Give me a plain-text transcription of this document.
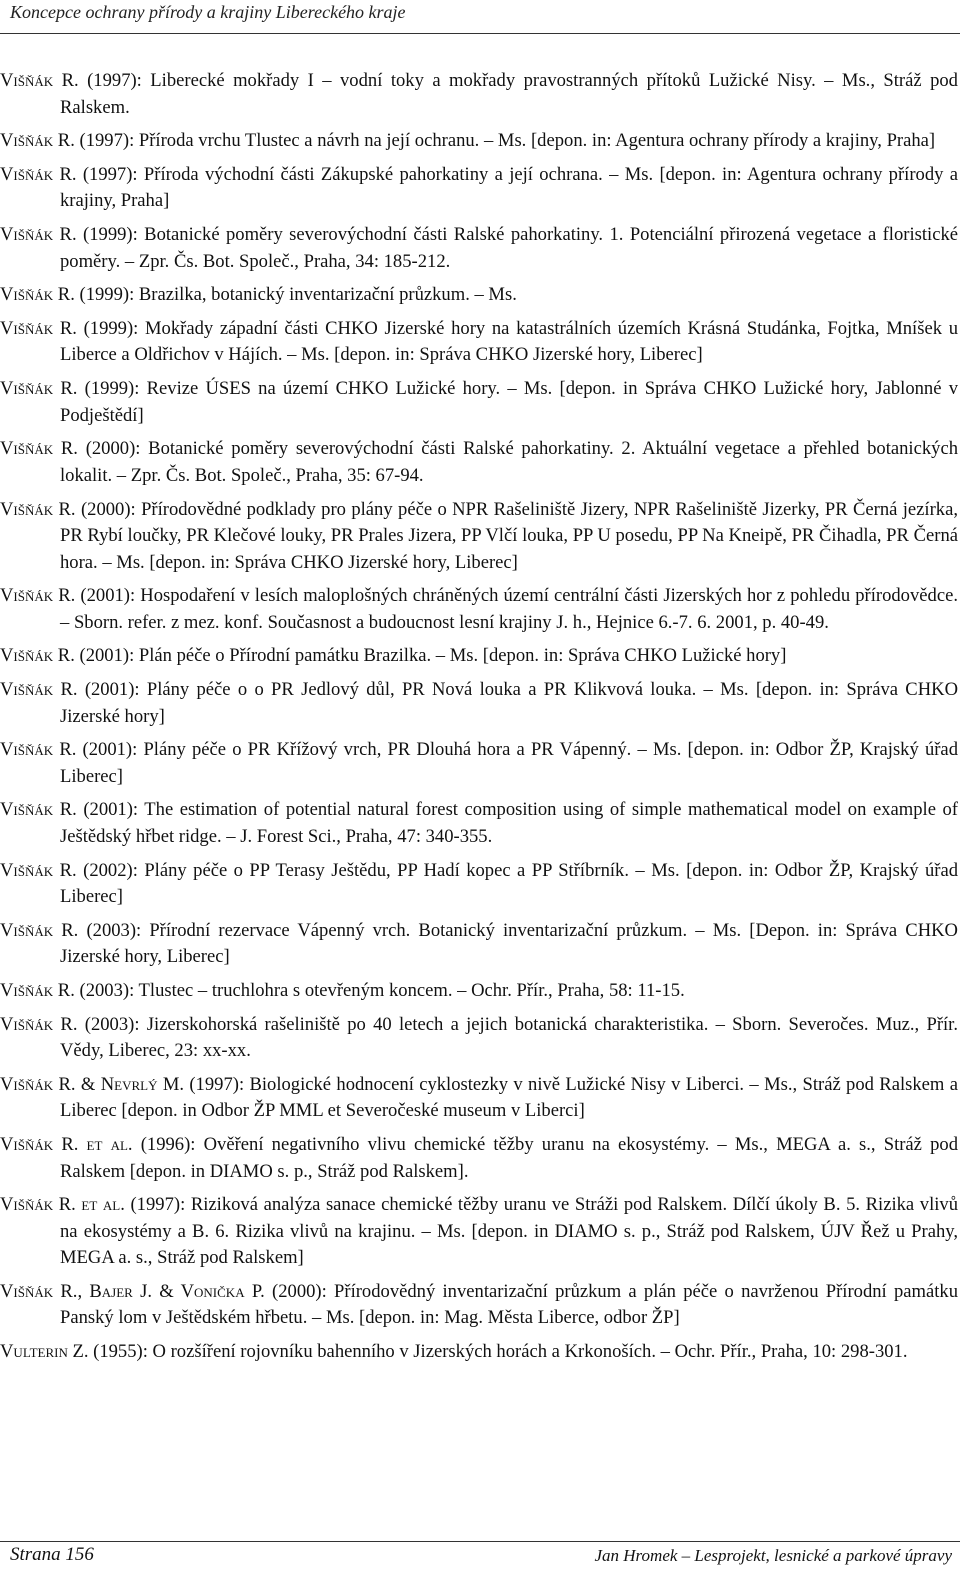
Koncepce ochrany přírody a krajiny Libereckého kraje

Višňák R. (1997): Liberecké mokřady I – vodní toky a mokřady pravostranných přítoků Lužické Nisy. – Ms., Stráž pod Ralskem.

Višňák R. (1997): Příroda vrchu Tlustec a návrh na její ochranu. – Ms. [depon. in: Agentura ochrany přírody a krajiny, Praha]

Višňák R. (1997): Příroda východní části Zákupské pahorkatiny a její ochrana. – Ms. [depon. in: Agentura ochrany přírody a krajiny, Praha]

Višňák R. (1999): Botanické poměry severovýchodní části Ralské pahorkatiny. 1. Potenciální přirozená vegetace a floristické poměry. – Zpr. Čs. Bot. Společ., Praha, 34: 185-212.

Višňák R. (1999): Brazilka, botanický inventarizační průzkum. – Ms.

Višňák R. (1999): Mokřady západní části CHKO Jizerské hory na katastrálních územích Krásná Studánka, Fojtka, Mníšek u Liberce a Oldřichov v Hájích. – Ms. [depon. in: Správa CHKO Jizerské hory, Liberec]

Višňák R. (1999): Revize ÚSES na území CHKO Lužické hory. – Ms. [depon. in Správa CHKO Lužické hory, Jablonné v Podještědí]

Višňák R. (2000): Botanické poměry severovýchodní části Ralské pahorkatiny. 2. Aktuální vegetace a přehled botanických lokalit. – Zpr. Čs. Bot. Společ., Praha, 35: 67-94.

Višňák R. (2000): Přírodovědné podklady pro plány péče o NPR Rašeliniště Jizery, NPR Rašeliniště Jizerky, PR Černá jezírka, PR Rybí loučky, PR Klečové louky, PR Prales Jizera, PP Vlčí louka, PP U posedu, PP Na Kneipě, PR Čihadla, PR Černá hora. – Ms. [depon. in: Správa CHKO Jizerské hory, Liberec]

Višňák R. (2001): Hospodaření v lesích maloplošných chráněných území centrální části Jizerských hor z pohledu přírodovědce. – Sborn. refer. z mez. konf. Současnost a budoucnost lesní krajiny J. h., Hejnice 6.-7. 6. 2001, p. 40-49.

Višňák R. (2001): Plán péče o Přírodní památku Brazilka. – Ms. [depon. in: Správa CHKO Lužické hory]

Višňák R. (2001): Plány péče o o PR Jedlový důl, PR Nová louka a PR Klikvová louka. – Ms. [depon. in: Správa CHKO Jizerské hory]

Višňák R. (2001): Plány péče o PR Křížový vrch, PR Dlouhá hora a PR Vápenný. – Ms. [depon. in: Odbor ŽP, Krajský úřad Liberec]

Višňák R. (2001): The estimation of potential natural forest composition using of simple mathematical model on example of Ještědský hřbet ridge. – J. Forest Sci., Praha, 47: 340-355.

Višňák R. (2002): Plány péče o PP Terasy Ještědu, PP Hadí kopec a PP Stříbrník. – Ms. [depon. in: Odbor ŽP, Krajský úřad Liberec]

Višňák R. (2003): Přírodní rezervace Vápenný vrch. Botanický inventarizační průzkum. – Ms. [Depon. in: Správa CHKO Jizerské hory, Liberec]

Višňák R. (2003): Tlustec – truchlohra s otevřeným koncem. – Ochr. Přír., Praha, 58: 11-15.

Višňák R. (2003): Jizerskohorská rašeliniště po 40 letech a jejich botanická charakteristika. – Sborn. Severočes. Muz., Přír. Vědy, Liberec, 23: xx-xx.

Višňák R. & Nevrlý M. (1997): Biologické hodnocení cyklostezky v nivě Lužické Nisy v Liberci. – Ms., Stráž pod Ralskem a Liberec [depon. in Odbor ŽP MML et Severočeské museum v Liberci]

Višňák R. et al. (1996): Ověření negativního vlivu chemické těžby uranu na ekosystémy. – Ms., MEGA a. s., Stráž pod Ralskem [depon. in DIAMO s. p., Stráž pod Ralskem].

Višňák R. et al. (1997): Riziková analýza sanace chemické těžby uranu ve Stráži pod Ralskem. Dílčí úkoly B. 5. Rizika vlivů na ekosystémy a B. 6. Rizika vlivů na krajinu. – Ms. [depon. in DIAMO s. p., Stráž pod Ralskem, ÚJV Řež u Prahy, MEGA a. s., Stráž pod Ralskem]

Višňák R., Bajer J. & Vonička P. (2000): Přírodovědný inventarizační průzkum a plán péče o navrženou Přírodní památku Panský lom v Ještědském hřbetu. – Ms. [depon. in: Mag. Města Liberce, odbor ŽP]

Vulterin Z. (1955): O rozšíření rojovníku bahenního v Jizerských horách a Krkonoších. – Ochr. Přír., Praha, 10: 298-301.

Strana 156	Jan Hromek – Lesprojekt, lesnické a parkové úpravy
